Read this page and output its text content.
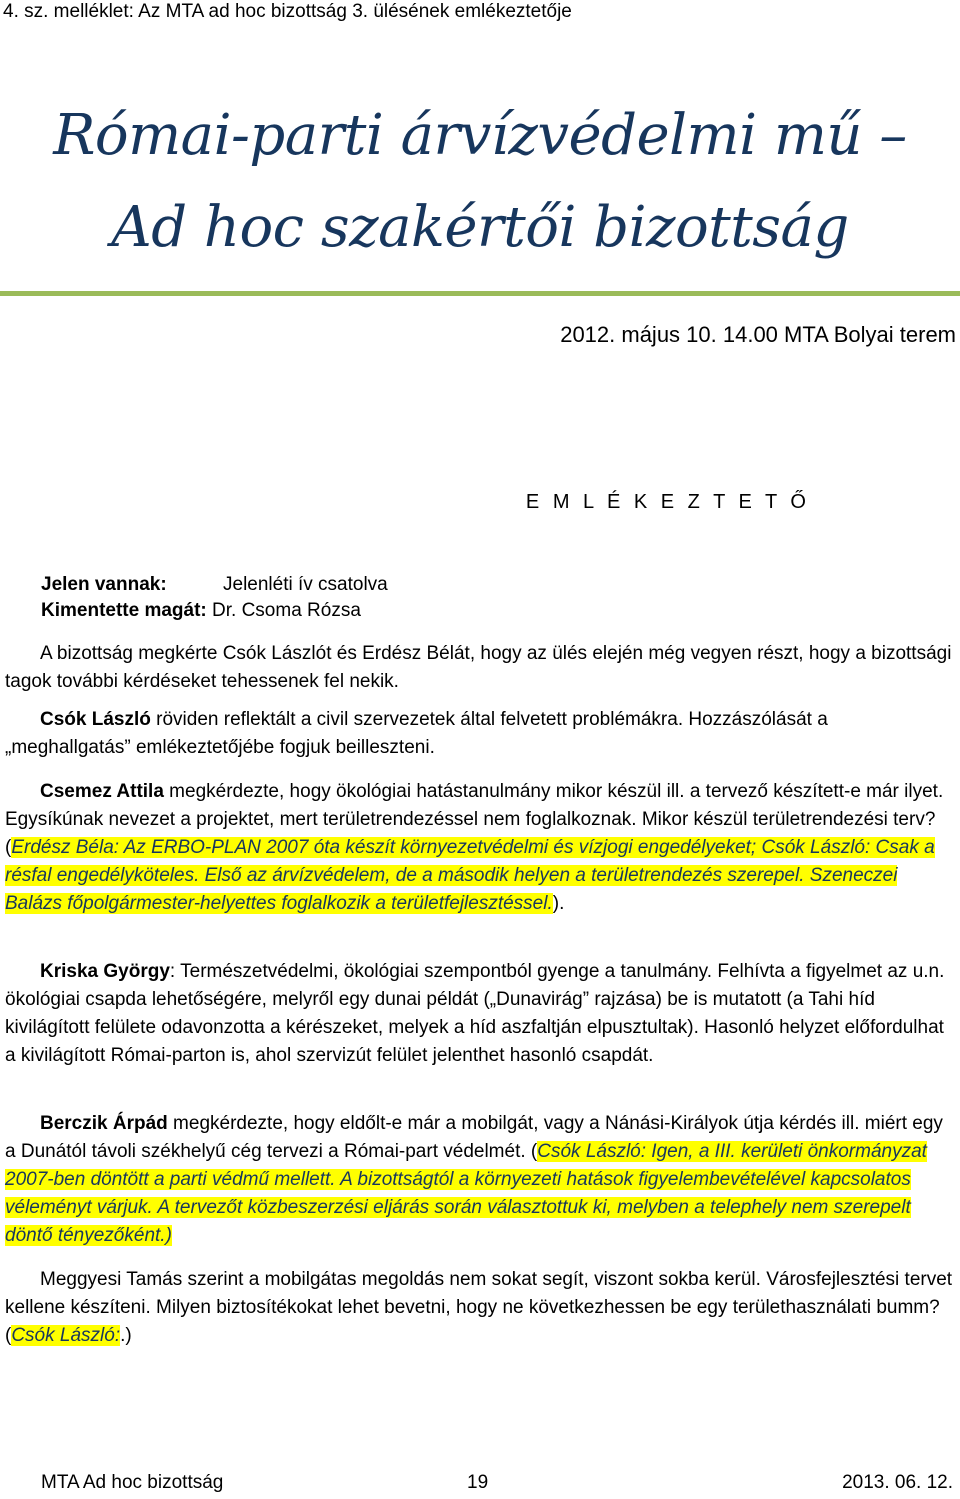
4. sz. melléklet: Az MTA ad hoc bizottság 3. ülésének emlékeztetője
Római-parti árvízvédelmi mű –
Ad hoc szakértői bizottság
2012. május 10. 14.00 MTA Bolyai terem
E M L É K E Z T E T Ő
Jelen vannak:	Jelenléti ív csatolva
Kimentette magát: Dr. Csoma Rózsa
A bizottság megkérte Csók Lászlót és Erdész Bélát, hogy az ülés elején még vegyen részt, hogy a bizottsági tagok további kérdéseket tehessenek fel nekik.
Csók László röviden reflektált a civil szervezetek által felvetett problémákra. Hozzászólását a „meghallgatás” emlékeztetőjébe fogjuk beilleszteni.
Csemez Attila megkérdezte, hogy ökológiai hatástanulmány mikor készül ill. a tervező készített-e már ilyet. Egysíkúnak nevezet a projektet, mert területrendezéssel nem foglalkoznak. Mikor készül területrendezési terv? (Erdész Béla: Az ERBO-PLAN 2007 óta készít környezetvédelmi és vízjogi engedélyeket; Csók László: Csak a résfal engedélyköteles. Első az árvízvédelem, de a második helyen a területrendezés szerepel. Szeneczei Balázs főpolgármester-helyettes foglalkozik a területfejlesztéssel.).
Kriska György: Természetvédelmi, ökológiai szempontból gyenge a tanulmány. Felhívta a figyelmet az u.n. ökológiai csapda lehetőségére, melyről egy dunai példát („Dunavirág” rajzása) be is mutatott (a Tahi híd kivilágított felülete odavonzotta a kérészeket, melyek a híd aszfaltján elpusztultak). Hasonló helyzet előfordulhat a kivilágított Római-parton is, ahol szervizút felület jelenthet hasonló csapdát.
Berczik Árpád megkérdezte, hogy eldőlt-e már a mobilgát, vagy a Nánási-Királyok útja kérdés ill. miért egy a Dunától távoli székhelyű cég tervezi a Római-part védelmét. (Csók László: Igen, a III. kerületi önkormányzat 2007-ben döntött a parti védmű mellett. A bizottságtól a környezeti hatások figyelembevételével kapcsolatos véleményt várjuk. A tervezőt közbeszerzési eljárás során választottuk ki, melyben a telephely nem szerepelt döntő tényezőként.)
Meggyesi Tamás szerint a mobilgátas megoldás nem sokat segít, viszont sokba kerül. Városfejlesztési tervet kellene készíteni. Milyen biztosítékokat lehet bevetni, hogy ne következhessen be egy területhasználati bumm? (Csók László:.)
MTA Ad hoc bizottság	19	2013. 06. 12.
